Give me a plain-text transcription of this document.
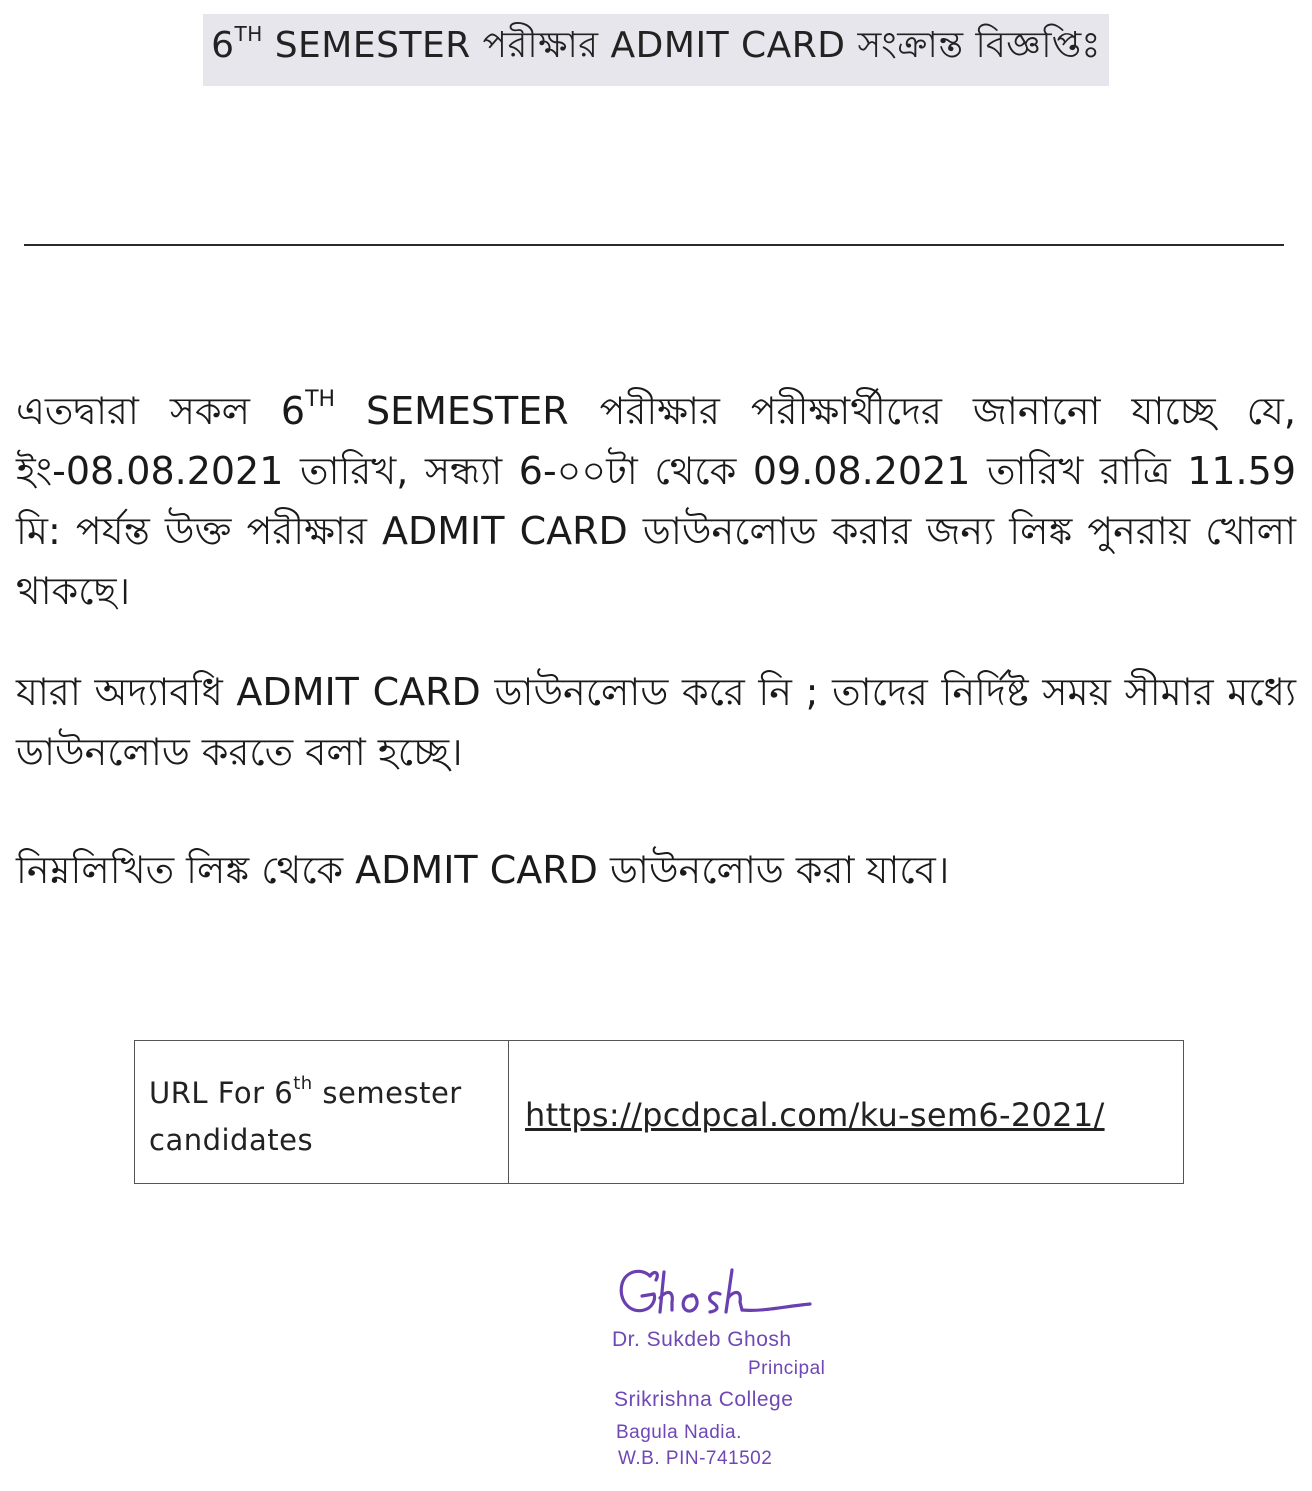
6TH SEMESTER পরীক্ষার ADMIT CARD সংক্রান্ত বিজ্ঞপ্তিঃ
এতদ্বারা সকল 6TH SEMESTER পরীক্ষার পরীক্ষার্থীদের জানানো যাচ্ছে যে, ইং-08.08.2021 তারিখ, সন্ধ্যা 6-০০টা থেকে 09.08.2021 তারিখ রাত্রি 11.59 মি: পর্যন্ত উক্ত পরীক্ষার ADMIT CARD ডাউনলোড করার জন্য লিঙ্ক পুনরায় খোলা থাকছে।
যারা অদ্যাবধি ADMIT CARD ডাউনলোড করে নি ; তাদের নির্দিষ্ট সময় সীমার মধ্যে ডাউনলোড করতে বলা হচ্ছে।
নিম্নলিখিত লিঙ্ক থেকে ADMIT CARD ডাউনলোড করা যাবে।
URL For 6th semester candidates	https://pcdpcal.com/ku-sem6-2021/
Dr. Sukdeb Ghosh
Principal
Srikrishna College
Bagula Nadia.
W.B. PIN-741502
